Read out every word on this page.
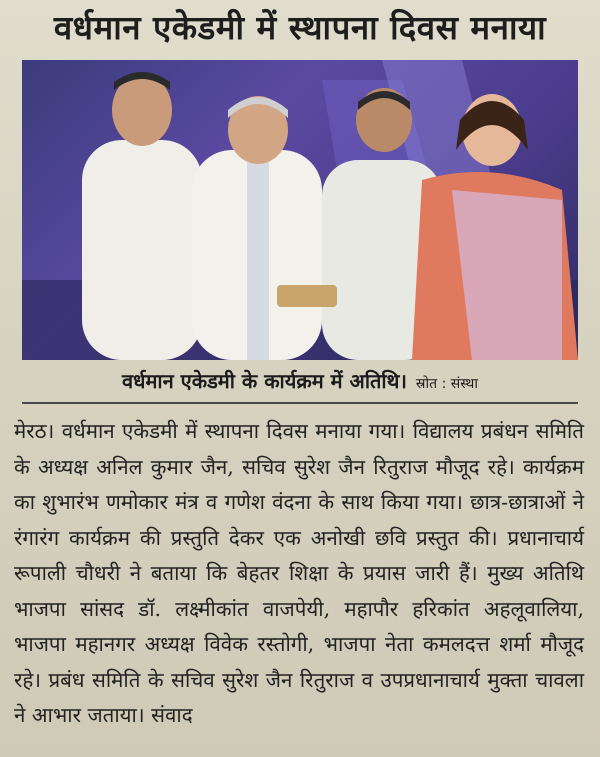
वर्धमान एकेडमी में स्थापना दिवस मनाया
वर्धमान एकेडमी के कार्यक्रम में अतिथि। स्रोत : संस्था

मेरठ। वर्धमान एकेडमी में स्थापना दिवस मनाया गया। विद्यालय प्रबंधन समिति के अध्यक्ष अनिल कुमार जैन, सचिव सुरेश जैन रितुराज मौजूद रहे। कार्यक्रम का शुभारंभ णमोकार मंत्र व गणेश वंदना के साथ किया गया। छात्र-छात्राओं ने रंगारंग कार्यक्रम की प्रस्तुति देकर एक अनोखी छवि प्रस्तुत की। प्रधानाचार्य रूपाली चौधरी ने बताया कि बेहतर शिक्षा के प्रयास जारी हैं। मुख्य अतिथि भाजपा सांसद डॉ. लक्ष्मीकांत वाजपेयी, महापौर हरिकांत अहलूवालिया, भाजपा महानगर अध्यक्ष विवेक रस्तोगी, भाजपा नेता कमलदत्त शर्मा मौजूद रहे। प्रबंध समिति के सचिव सुरेश जैन रितुराज व उपप्रधानाचार्य मुक्ता चावला ने आभार जताया। संवाद
